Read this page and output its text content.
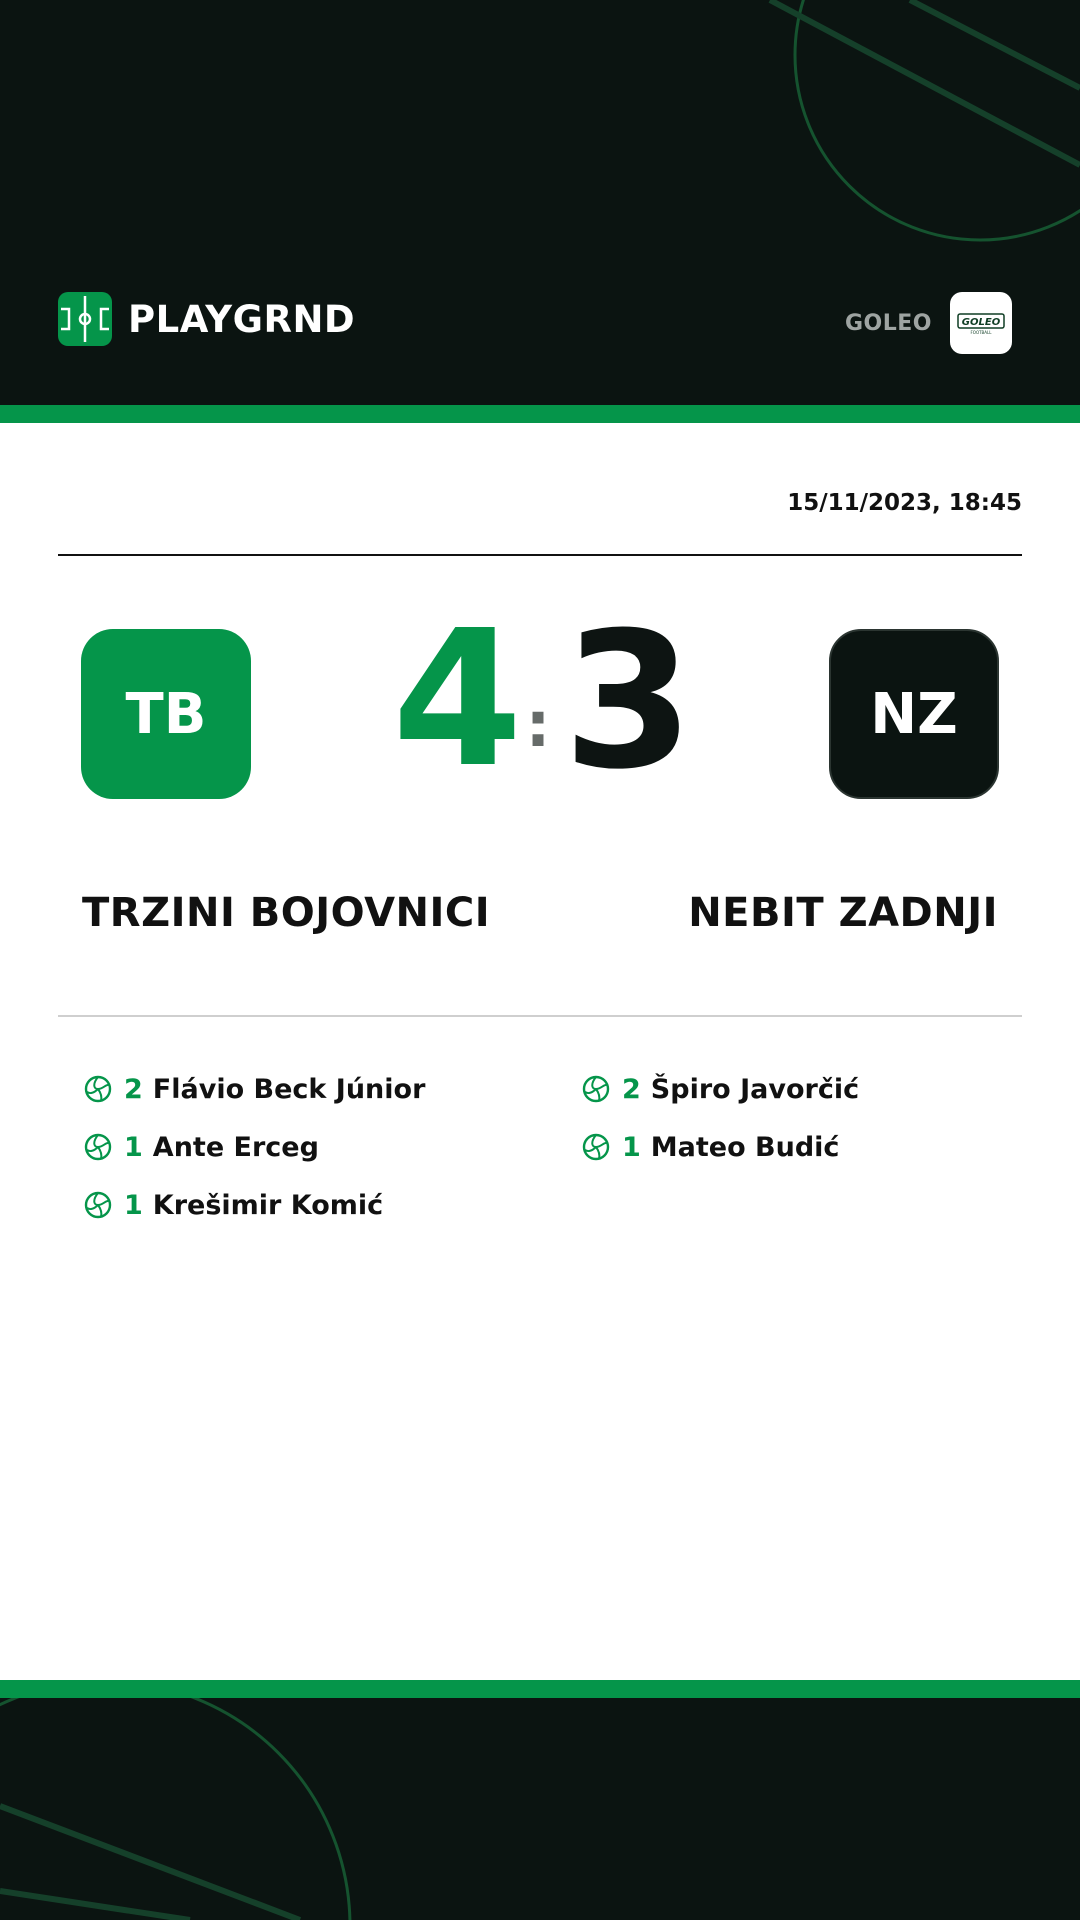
PLAYGRND	GOLEO	GOLEO
FOOTBALL
15/11/2023, 18:45
TB 4 : 3	NZ
TRZINI BOJOVNICI	NEBIT ZADNJI
2 Flávio Beck Júnior
1 Ante Erceg
1 Krešimir Komić
2 Špiro Javorčić
1 Mateo Budić
